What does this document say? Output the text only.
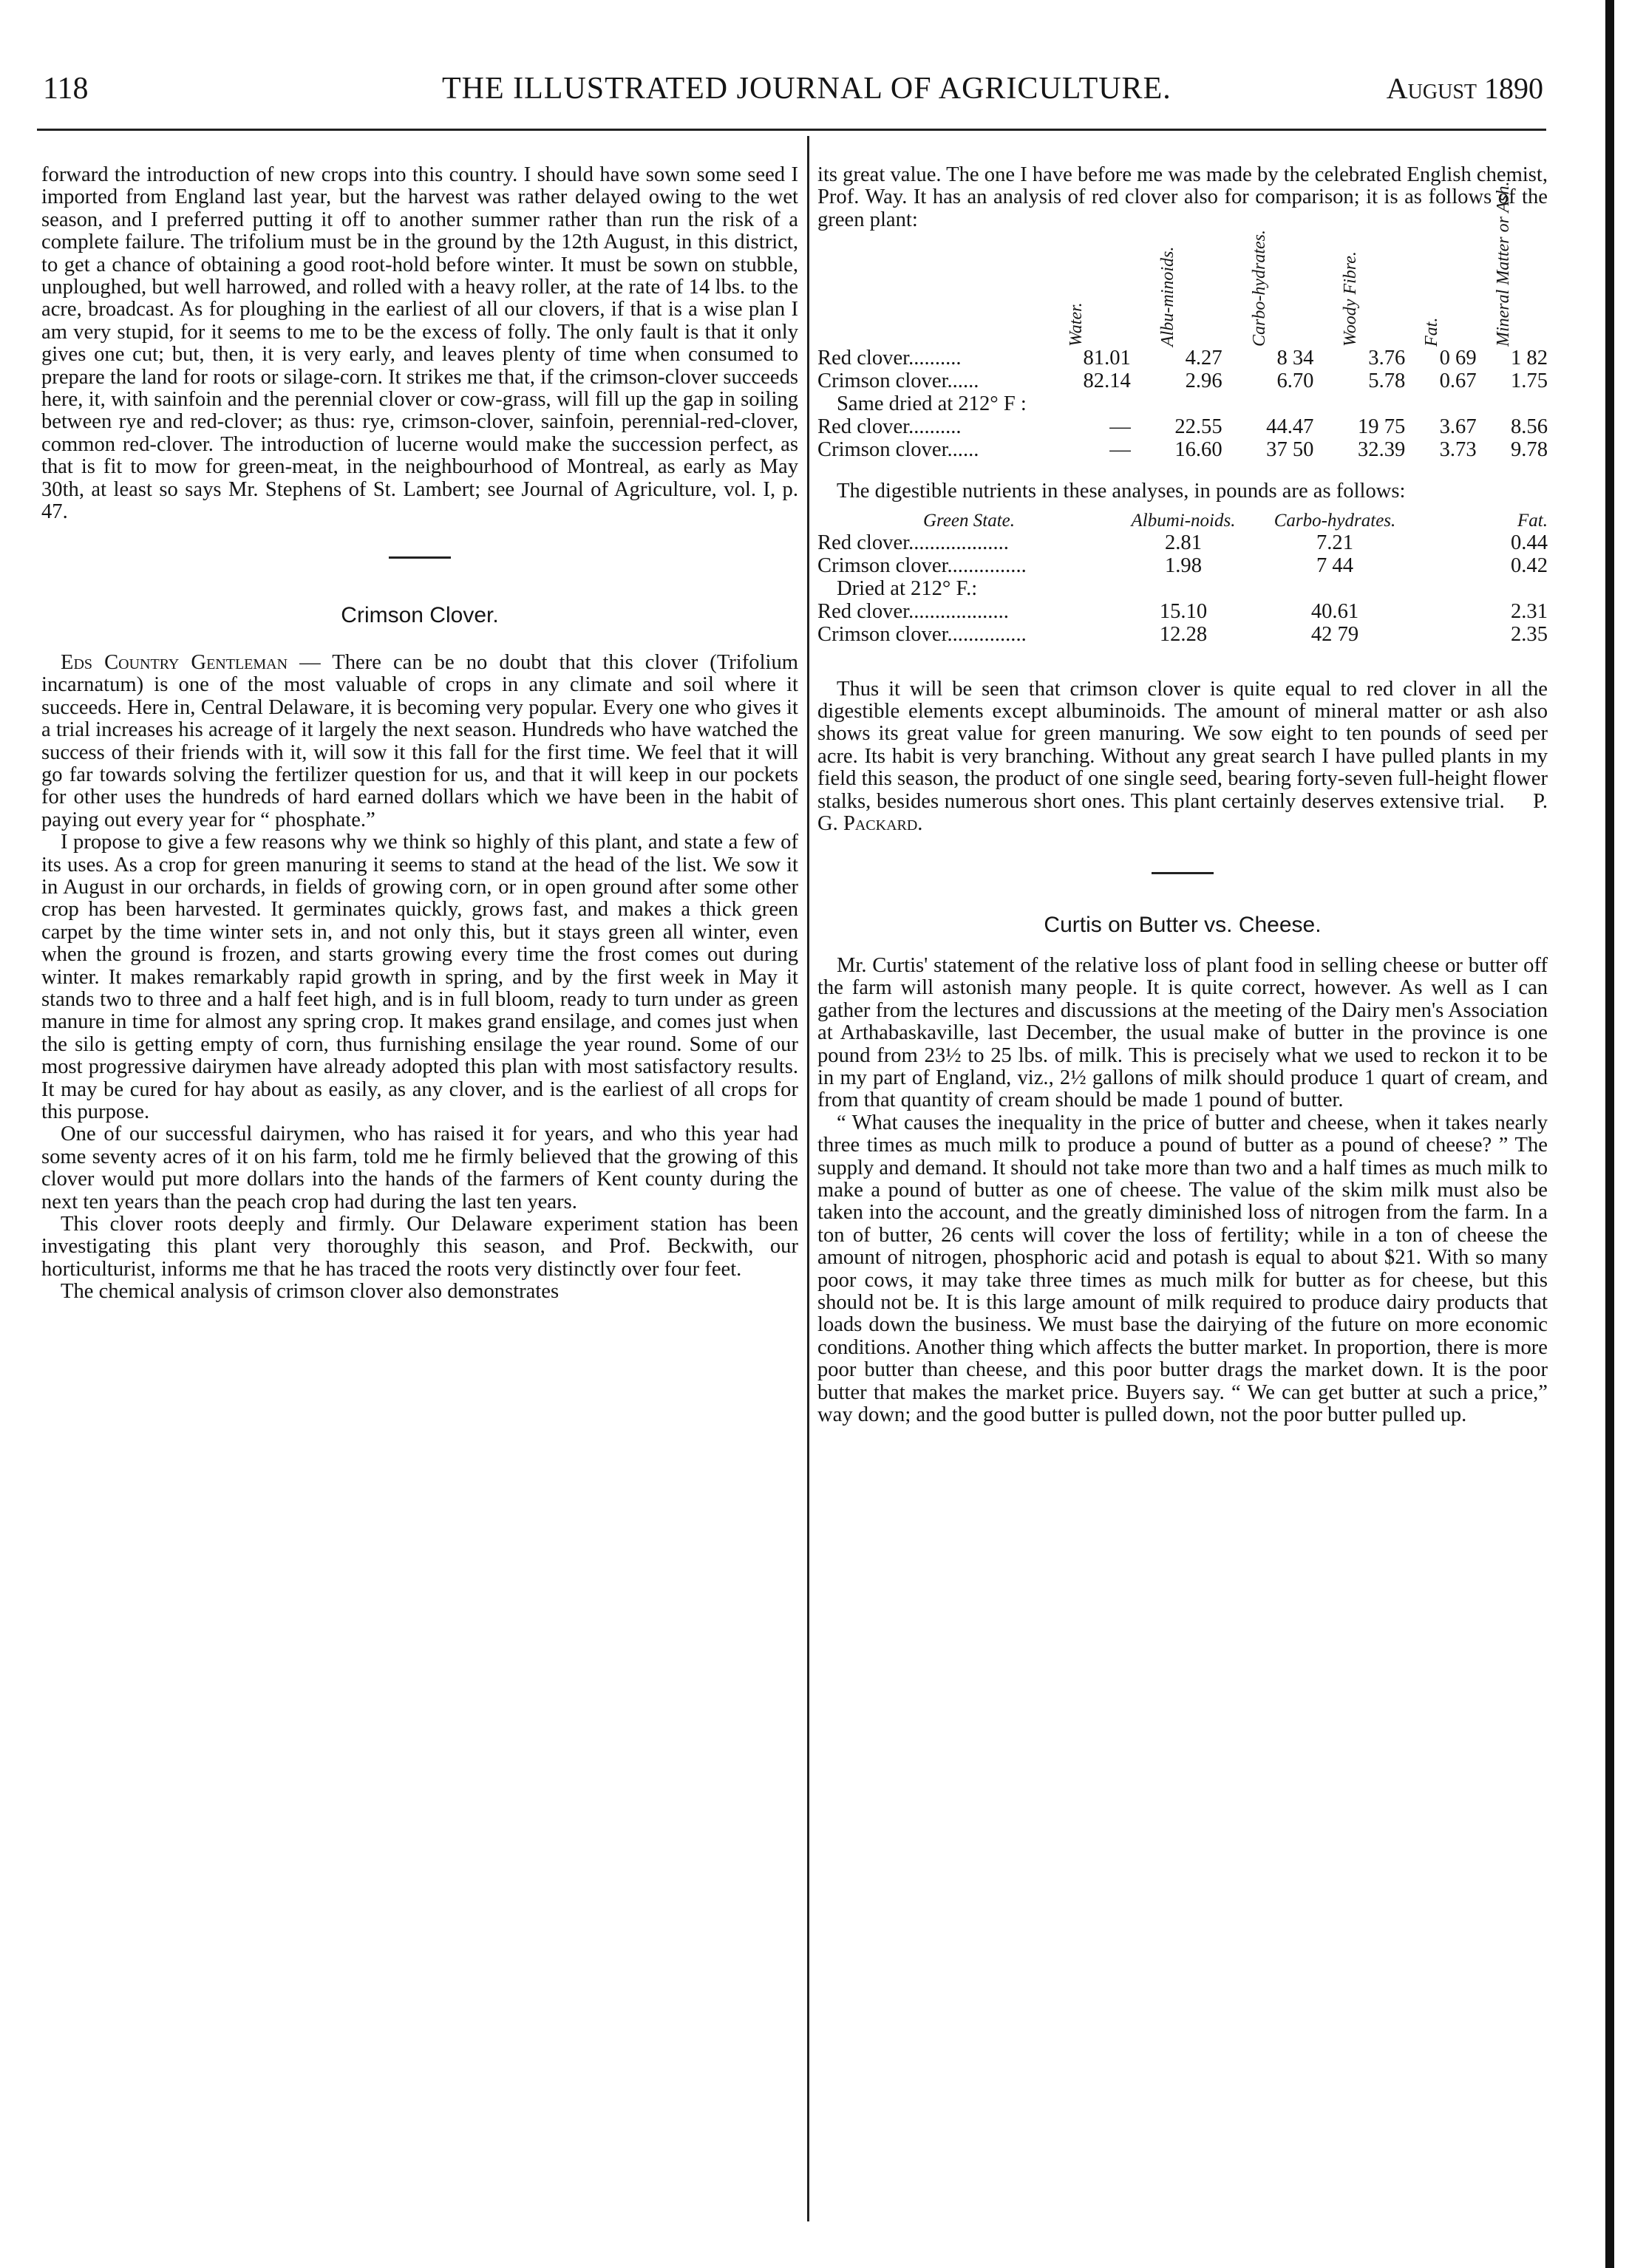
118	THE ILLUSTRATED JOURNAL OF AGRICULTURE.	August 1890

forward the introduction of new crops into this country. I should have sown some seed I imported from England last year, but the harvest was rather delayed owing to the wet season, and I preferred putting it off to another summer rather than run the risk of a complete failure. The trifolium must be in the ground by the 12th August, in this district, to get a chance of obtaining a good root-hold before winter. It must be sown on stubble, unploughed, but well harrowed, and rolled with a heavy roller, at the rate of 14 lbs. to the acre, broadcast. As for ploughing in the earliest of all our clovers, if that is a wise plan I am very stupid, for it seems to me to be the excess of folly. The only fault is that it only gives one cut; but, then, it is very early, and leaves plenty of time when consumed to prepare the land for roots or silage-corn. It strikes me that, if the crimson-clover succeeds here, it, with sainfoin and the perennial clover or cow-grass, will fill up the gap in soiling between rye and red-clover; as thus: rye, crimson-clover, sainfoin, perennial-red-clover, common red-clover. The introduction of lucerne would make the succession perfect, as that is fit to mow for green-meat, in the neighbourhood of Montreal, as early as May 30th, at least so says Mr. Stephens of St. Lambert; see Journal of Agriculture, vol. I, p. 47.

Crimson Clover.

Eds Country Gentleman — There can be no doubt that this clover (Trifolium incarnatum) is one of the most valuable of crops in any climate and soil where it succeeds. Here in, Central Delaware, it is becoming very popular. Every one who gives it a trial increases his acreage of it largely the next season. Hundreds who have watched the success of their friends with it, will sow it this fall for the first time. We feel that it will go far towards solving the fertilizer question for us, and that it will keep in our pockets for other uses the hundreds of hard earned dollars which we have been in the habit of paying out every year for “ phosphate.”

I propose to give a few reasons why we think so highly of this plant, and state a few of its uses. As a crop for green manuring it seems to stand at the head of the list. We sow it in August in our orchards, in fields of growing corn, or in open ground after some other crop has been harvested. It germinates quickly, grows fast, and makes a thick green carpet by the time winter sets in, and not only this, but it stays green all winter, even when the ground is frozen, and starts growing every time the frost comes out during winter. It makes remarkably rapid growth in spring, and by the first week in May it stands two to three and a half feet high, and is in full bloom, ready to turn under as green manure in time for almost any spring crop. It makes grand ensilage, and comes just when the silo is getting empty of corn, thus furnishing ensilage the year round. Some of our most progressive dairymen have already adopted this plan with most satisfactory results. It may be cured for hay about as easily, as any clover, and is the earliest of all crops for this purpose.

One of our successful dairymen, who has raised it for years, and who this year had some seventy acres of it on his farm, told me he firmly believed that the growing of this clover would put more dollars into the hands of the farmers of Kent county during the next ten years than the peach crop had during the last ten years.

This clover roots deeply and firmly. Our Delaware experiment station has been investigating this plant very thoroughly this season, and Prof. Beckwith, our horticulturist, informs me that he has traced the roots very distinctly over four feet.

The chemical analysis of crimson clover also demonstrates

its great value. The one I have before me was made by the celebrated English chemist, Prof. Way. It has an analysis of red clover also for comparison; it is as follows of the green plant:

	Water.	Albu-minoids.	Carbo-hydrates.	Woody Fibre.	Fat.	Mineral Matter or Ash.

Red clover..........	81.01	4.27	8 34	3.76	0 69	1 82
Crimson clover......	82.14	2.96	6.70	5.78	0.67	1.75
Same dried at 212° F :						
Red clover..........	—	22.55	44.47	19 75	3.67	8.56
Crimson clover......	—	16.60	37 50	32.39	3.73	9.78

The digestible nutrients in these analyses, in pounds are as follows:

Green State.	Albumi-noids.	Carbo-hydrates.	Fat.
Red clover...................	2.81	7.21	0.44
Crimson clover...............	1.98	7 44	0.42
Dried at 212° F.:			
Red clover...................	15.10	40.61	2.31
Crimson clover...............	12.28	42 79	2.35

Thus it will be seen that crimson clover is quite equal to red clover in all the digestible elements except albuminoids. The amount of mineral matter or ash also shows its great value for green manuring. We sow eight to ten pounds of seed per acre. Its habit is very branching. Without any great search I have pulled plants in my field this season, the product of one single seed, bearing forty-seven full-height flower stalks, besides numerous short ones. This plant certainly deserves extensive trial. P. G. Packard.

Curtis on Butter vs. Cheese.

Mr. Curtis' statement of the relative loss of plant food in selling cheese or butter off the farm will astonish many people. It is quite correct, however. As well as I can gather from the lectures and discussions at the meeting of the Dairy men's Association at Arthabaskaville, last December, the usual make of butter in the province is one pound from 23½ to 25 lbs. of milk. This is precisely what we used to reckon it to be in my part of England, viz., 2½ gallons of milk should produce 1 quart of cream, and from that quantity of cream should be made 1 pound of butter.

“ What causes the inequality in the price of butter and cheese, when it takes nearly three times as much milk to produce a pound of butter as a pound of cheese? ” The supply and demand. It should not take more than two and a half times as much milk to make a pound of butter as one of cheese. The value of the skim milk must also be taken into the account, and the greatly diminished loss of nitrogen from the farm. In a ton of butter, 26 cents will cover the loss of fertility; while in a ton of cheese the amount of nitrogen, phosphoric acid and potash is equal to about $21. With so many poor cows, it may take three times as much milk for butter as for cheese, but this should not be. It is this large amount of milk required to produce dairy products that loads down the business. We must base the dairying of the future on more economic conditions. Another thing which affects the butter market. In proportion, there is more poor butter than cheese, and this poor butter drags the market down. It is the poor butter that makes the market price. Buyers say. “ We can get butter at such a price,” way down; and the good butter is pulled down, not the poor butter pulled up.
